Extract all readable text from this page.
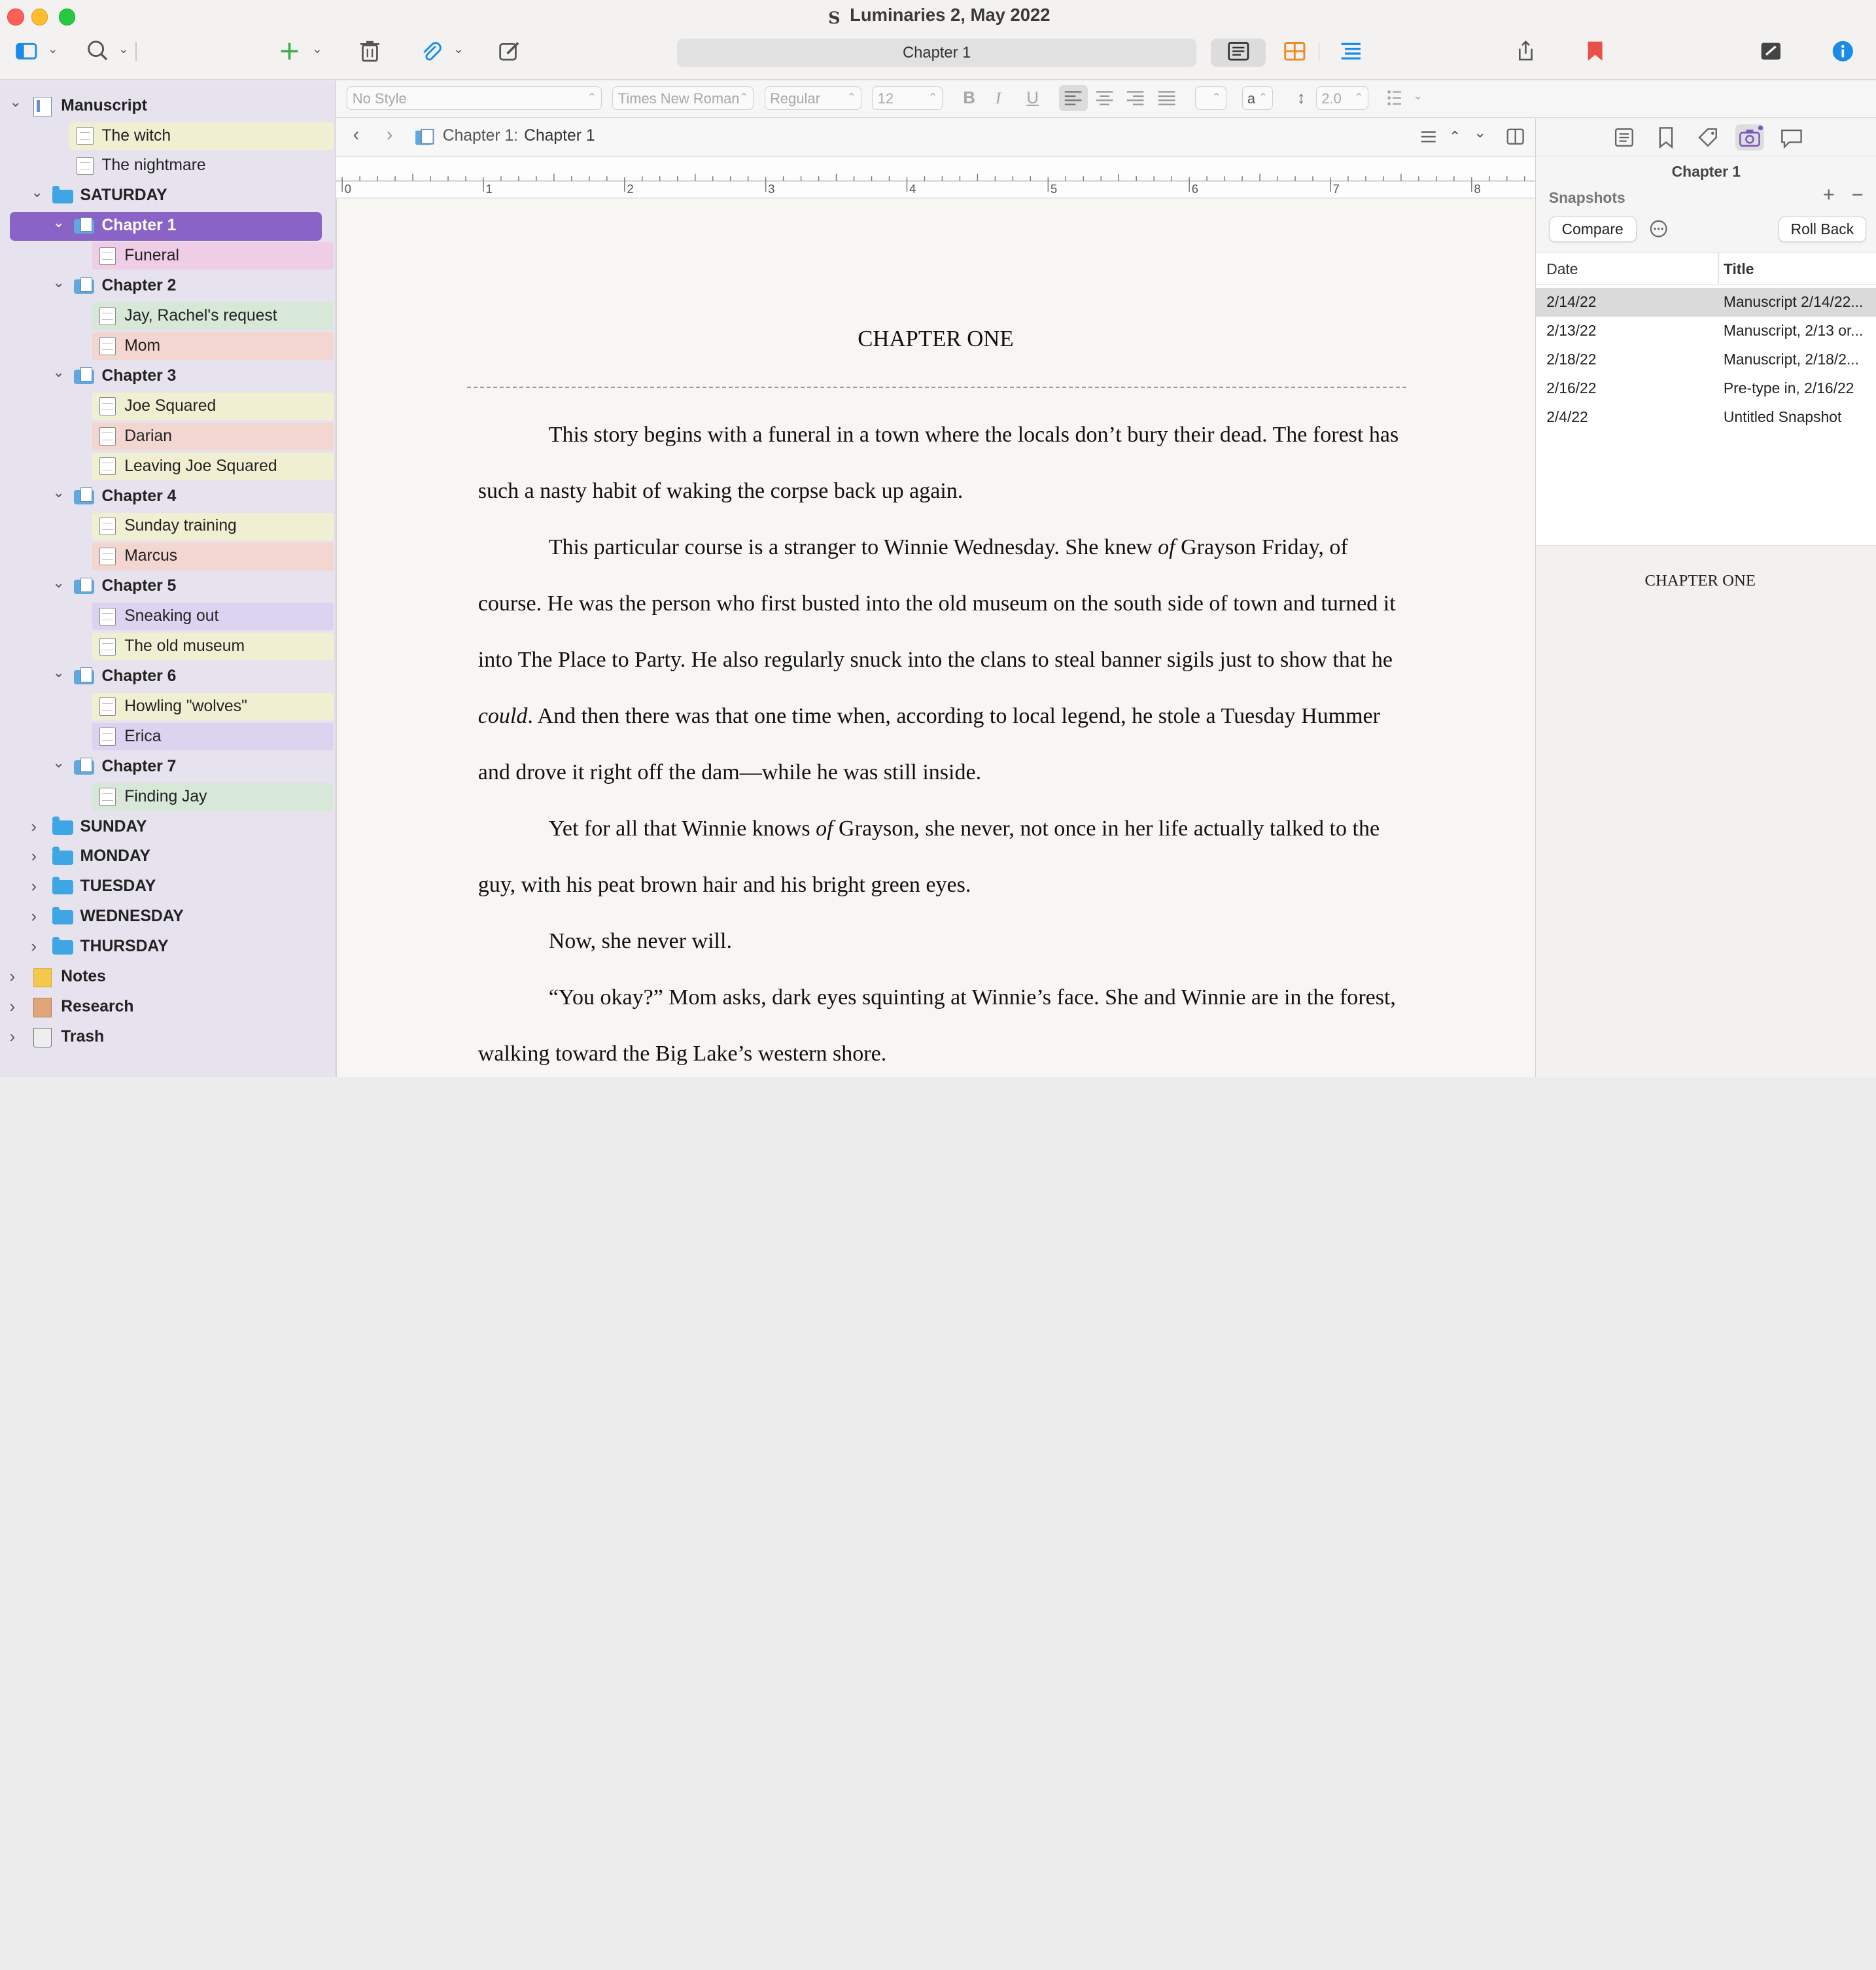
S Luminaries 2, May 2022
⌄	⌄	⌄	⌄	Chapter 1
⌄	Manuscript
The witch
The nightmare
⌄	SATURDAY
⌄	Chapter 1
Funeral
⌄	Chapter 2
Jay, Rachel's request
Mom
⌄	Chapter 3
Joe Squared
Darian
Leaving Joe Squared
⌄	Chapter 4
Sunday training
Marcus
⌄	Chapter 5
Sneaking out
The old museum
⌄	Chapter 6
Howling "wolves"
Erica
⌄	Chapter 7
Finding Jay
›	SUNDAY
›	MONDAY
›	TUESDAY
›	WEDNESDAY
›	THURSDAY
›	Notes
›	Research
›	Trash
No Style ⌃	Times New Roman ⌃	Regular ⌃	12 ⌃	B I	U
⌃	a ⌃	↕	2.0 ⌃	⌄
‹	›	Chapter 1: Chapter 1	⌃ ⌄
0	1	2	3	4	5	6	7	8
CHAPTER ONE

This story begins with a funeral in a town where the locals don’t bury their dead. The forest has such a nasty habit of waking the corpse back up again.

This particular course is a stranger to Winnie Wednesday. She knew of Grayson Friday, of course. He was the person who first busted into the old museum on the south side of town and turned it into The Place to Party. He also regularly snuck into the clans to steal banner sigils just to show that he could. And then there was that one time when, according to local legend, he stole a Tuesday Hummer and drove it right off the dam—while he was still inside.

Yet for all that Winnie knows of Grayson, she never, not once in her life actually talked to the guy, with his peat brown hair and his bright green eyes.

Now, she never will.

“You okay?” Mom asks, dark eyes squinting at Winnie’s face. She and Winnie are in the forest, walking toward the Big Lake’s western shore.

Chapter 1
Snapshots	+ −
Compare	Roll Back
Date	Title
2/14/22	Manuscript 2/14/22...
2/13/22	Manuscript, 2/13 or...
2/18/22	Manuscript, 2/18/2...
2/16/22	Pre-type in, 2/16/22
2/4/22	Untitled Snapshot
CHAPTER ONE
